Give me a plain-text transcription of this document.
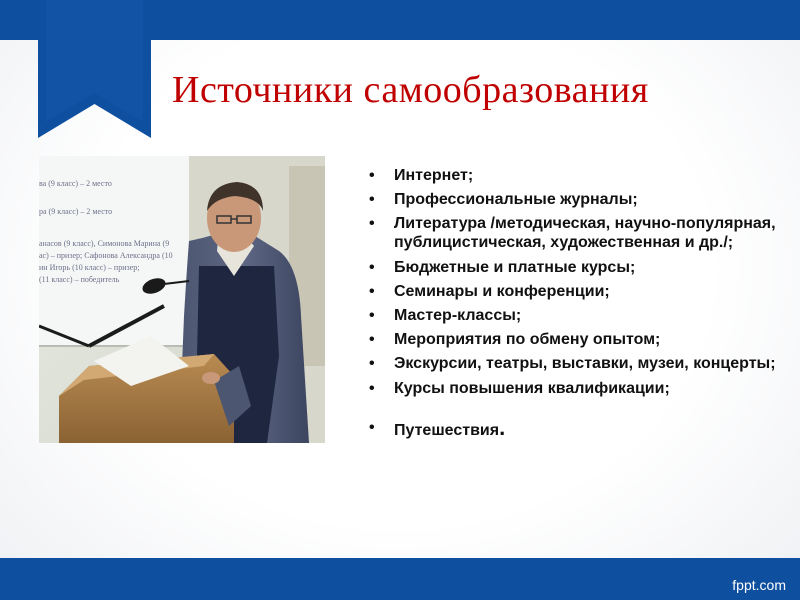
Источники самообразования
ва (9 класс) – 2 место
ра (9 класс) – 2 место
анасов (9 класс), Симонова Марина (9
ас) – призер; Сафонова Александра (10
ин Игорь (10 класс) – призер;
(11 класс) – победитель
• Интернет;
• Профессиональные журналы;
• Литература /методическая, научно-популярная, публицистическая, художественная и др./;
• Бюджетные и платные курсы;
• Семинары и конференции;
• Мастер-классы;
• Мероприятия по обмену опытом;
• Экскурсии, театры, выставки, музеи, концерты;
• Курсы повышения квалификации;
• Путешествия.
fppt.com
